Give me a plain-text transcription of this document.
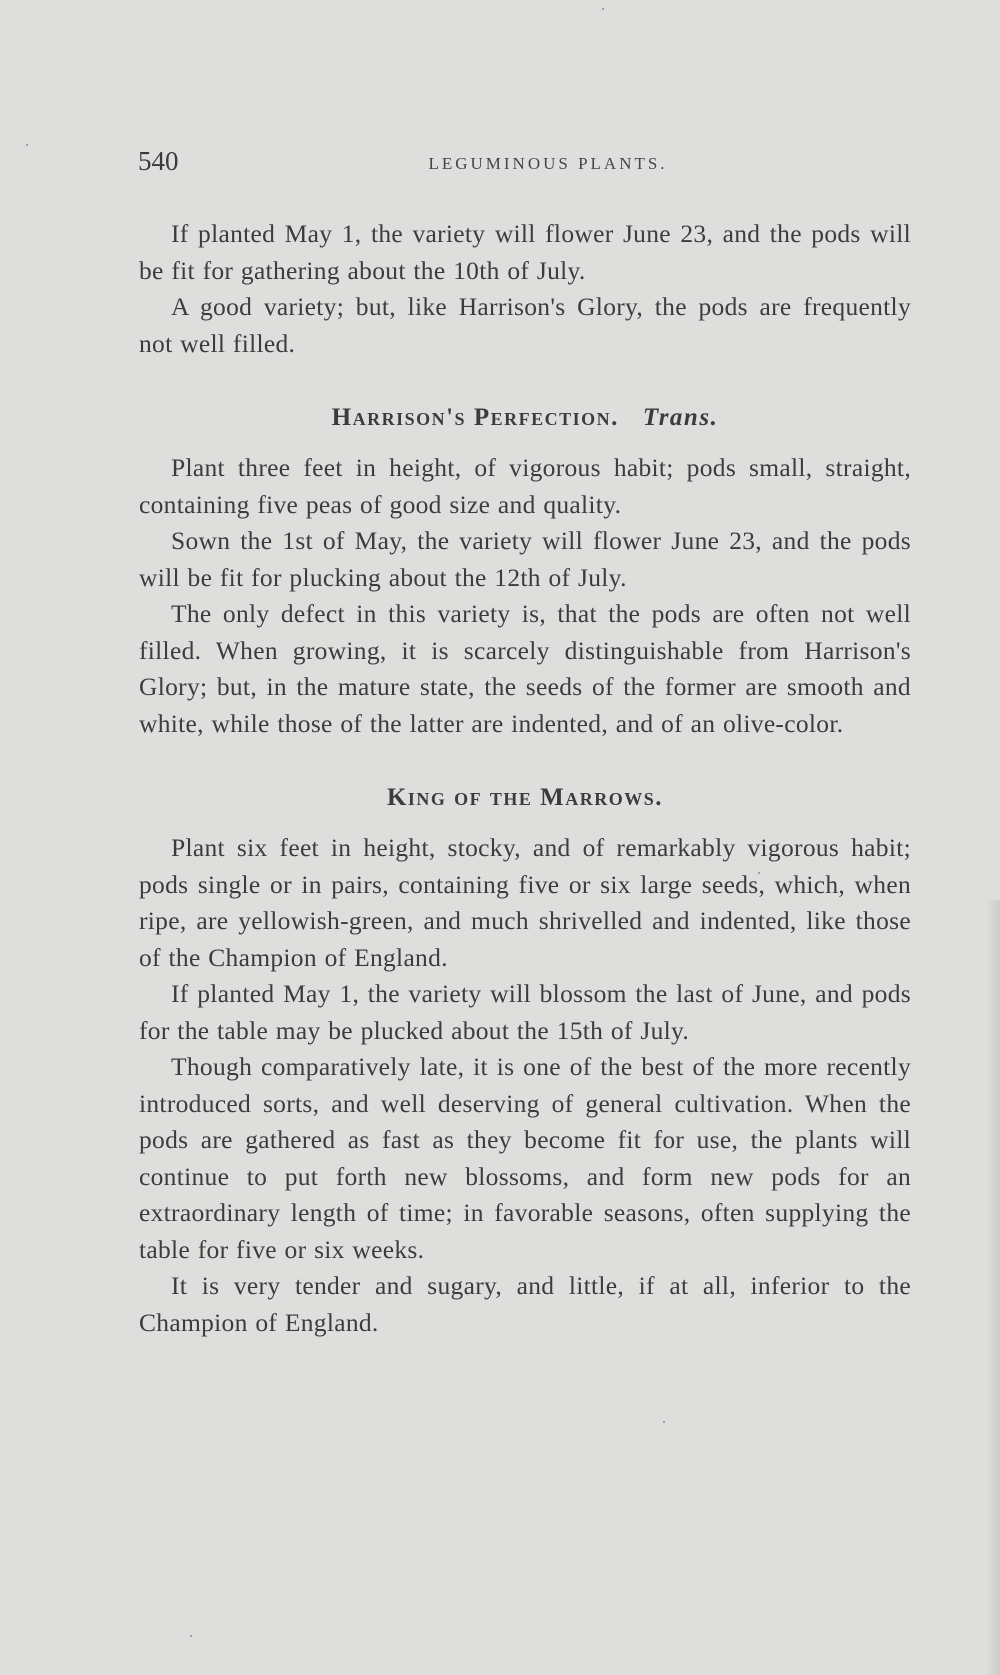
540	LEGUMINOUS PLANTS.

If planted May 1, the variety will flower June 23, and the pods will be fit for gathering about the 10th of July.

A good variety; but, like Harrison's Glory, the pods are frequently not well filled.

Harrison's Perfection. Trans.

Plant three feet in height, of vigorous habit; pods small, straight, containing five peas of good size and quality.

Sown the 1st of May, the variety will flower June 23, and the pods will be fit for plucking about the 12th of July.

The only defect in this variety is, that the pods are often not well filled. When growing, it is scarcely distinguishable from Harrison's Glory; but, in the mature state, the seeds of the former are smooth and white, while those of the latter are indented, and of an olive-color.

King of the Marrows.

Plant six feet in height, stocky, and of remarkably vigorous habit; pods single or in pairs, containing five or six large seeds, which, when ripe, are yellowish-green, and much shrivelled and indented, like those of the Champion of England.

If planted May 1, the variety will blossom the last of June, and pods for the table may be plucked about the 15th of July.

Though comparatively late, it is one of the best of the more recently introduced sorts, and well deserving of general cultivation. When the pods are gathered as fast as they become fit for use, the plants will continue to put forth new blossoms, and form new pods for an extraordinary length of time; in favorable seasons, often supplying the table for five or six weeks.

It is very tender and sugary, and little, if at all, inferior to the Champion of England.
